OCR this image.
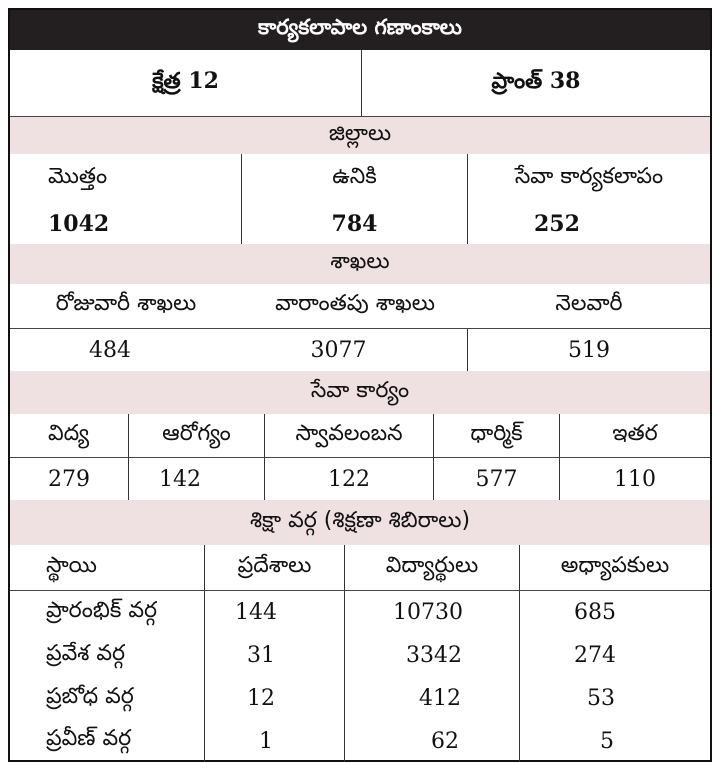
కార్యకలాపాల గణాంకాలు
క్షేత్ర 12	ప్రాంత్ 38
జిల్లాలు
మొత్తం	ఉనికి	సేవా కార్యకలాపం
1042	784	252
శాఖలు
రోజువారీ శాఖలు	వారాంతపు శాఖలు	నెలవారీ
484	3077	519
సేవా కార్యం
విద్య	ఆరోగ్యం	స్వావలంబన	ధార్మిక్	ఇతర
279	142	122	577	110
శిక్షా వర్గ (శిక్షణా శిబిరాలు)
స్థాయి	ప్రదేశాలు	విద్యార్థులు	అధ్యాపకులు
ప్రారంభిక్ వర్గ	144	10730	685
ప్రవేశ వర్గ	31	3342	274
ప్రబోధ వర్గ	12	412	53
ప్రవీణ్ వర్గ	1	62	5
